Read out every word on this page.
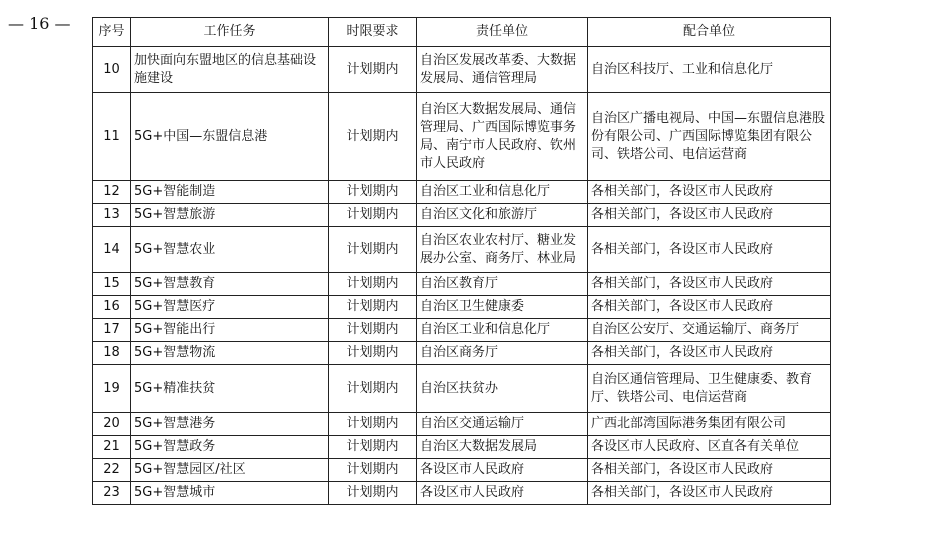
— 16 — 序号	工作任务	时限要求	责任单位	配合单位
10	加快面向东盟地区的信息基础设施建设	计划期内	自治区发展改革委、大数据发展局、通信管理局	自治区科技厅、工业和信息化厅
11	5G+中国—东盟信息港	计划期内	自治区大数据发展局、通信管理局、广西国际博览事务局、南宁市人民政府、钦州市人民政府	自治区广播电视局、中国—东盟信息港股份有限公司、广西国际博览集团有限公司、铁塔公司、电信运营商
12	5G+智能制造	计划期内	自治区工业和信息化厅	各相关部门，各设区市人民政府
13	5G+智慧旅游	计划期内	自治区文化和旅游厅	各相关部门，各设区市人民政府
14	5G+智慧农业	计划期内	自治区农业农村厅、糖业发展办公室、商务厅、林业局	各相关部门，各设区市人民政府
15	5G+智慧教育	计划期内	自治区教育厅	各相关部门，各设区市人民政府
16	5G+智慧医疗	计划期内	自治区卫生健康委	各相关部门，各设区市人民政府
17	5G+智能出行	计划期内	自治区工业和信息化厅	自治区公安厅、交通运输厅、商务厅
18	5G+智慧物流	计划期内	自治区商务厅	各相关部门，各设区市人民政府
19	5G+精准扶贫	计划期内	自治区扶贫办	自治区通信管理局、卫生健康委、教育厅、铁塔公司、电信运营商
20	5G+智慧港务	计划期内	自治区交通运输厅	广西北部湾国际港务集团有限公司
21	5G+智慧政务	计划期内	自治区大数据发展局	各设区市人民政府、区直各有关单位
22	5G+智慧园区/社区	计划期内	各设区市人民政府	各相关部门，各设区市人民政府
23	5G+智慧城市	计划期内	各设区市人民政府	各相关部门，各设区市人民政府
